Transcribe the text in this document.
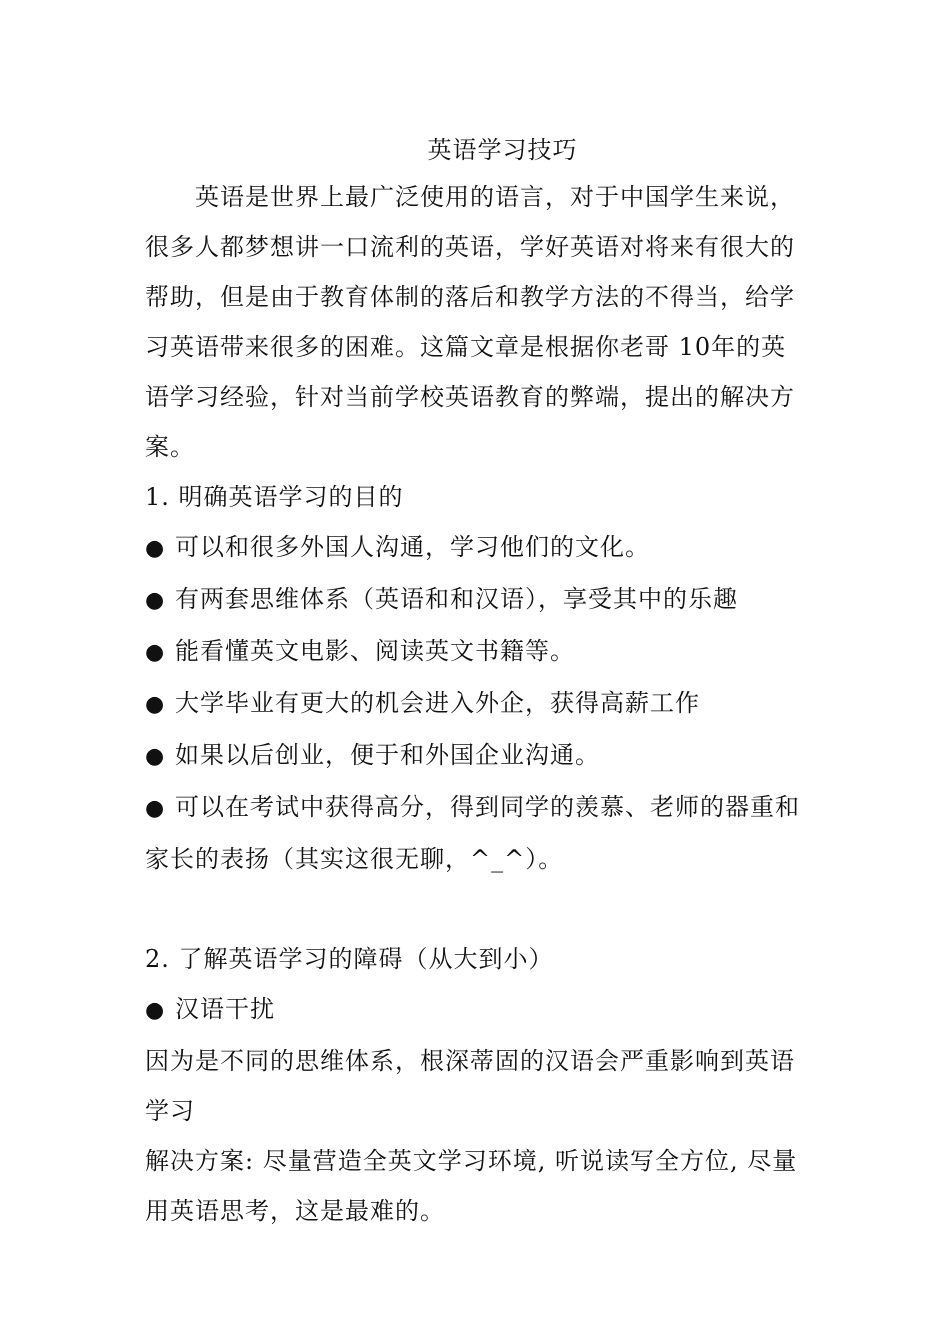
英语学习技巧

英语是世界上最广泛使用的语言，对于中国学生来说，很多人都梦想讲一口流利的英语，学好英语对将来有很大的帮助，但是由于教育体制的落后和教学方法的不得当，给学习英语带来很多的困难。这篇文章是根据你老哥 10年的英语学习经验，针对当前学校英语教育的弊端，提出的解决方案。

1. 明确英语学习的目的

● 可以和很多外国人沟通，学习他们的文化。

● 有两套思维体系（英语和和汉语），享受其中的乐趣

● 能看懂英文电影、阅读英文书籍等。

● 大学毕业有更大的机会进入外企，获得高薪工作

● 如果以后创业，便于和外国企业沟通。

● 可以在考试中获得高分，得到同学的羡慕、老师的器重和家长的表扬（其实这很无聊，^_^）。

2. 了解英语学习的障碍（从大到小）

● 汉语干扰

因为是不同的思维体系，根深蒂固的汉语会严重影响到英语学习

解决方案: 尽量营造全英文学习环境, 听说读写全方位, 尽量用英语思考，这是最难的。
